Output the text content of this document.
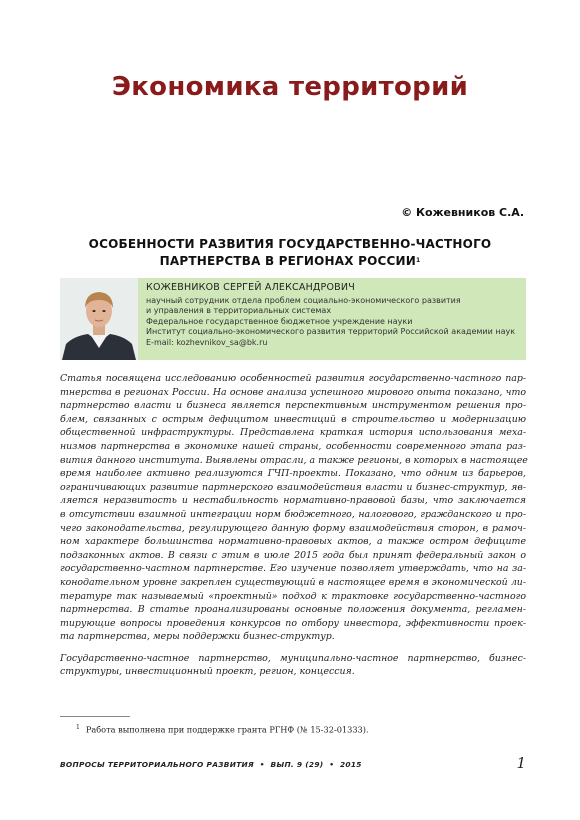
Экономика территорий
© Кожевников С.А.
ОСОБЕННОСТИ РАЗВИТИЯ ГОСУДАРСТВЕННО-ЧАСТНОГО
ПАРТНЕРСТВА В РЕГИОНАХ РОССИИ$^1$
КОЖЕВНИКОВ СЕРГЕЙ АЛЕКСАНДРОВИЧ
научный сотрудник отдела проблем социально-экономического развития
и управления в территориальных системах
Федеральное государственное бюджетное учреждение науки
Институт социально-экономического развития территорий Российской академии наук
E-mail: kozhevnikov_sa@bk.ru
Статья посвящена исследованию особенностей развития государственно-частного пар-
тнерства в регионах России. На основе анализа успешного мирового опыта показано, что
партнерство власти и бизнеса является перспективным инструментом решения про-
блем, связанных с острым дефицитом инвестиций в строительство и модернизацию
общественной инфраструктуры. Представлена краткая история использования меха-
низмов партнерства в экономике нашей страны, особенности современного этапа раз-
вития данного института. Выявлены отрасли, а также регионы, в которых в настоящее
время наиболее активно реализуются ГЧП-проекты. Показано, что одним из барьеров,
ограничивающих развитие партнерского взаимодействия власти и бизнес-структур, яв-
ляется неразвитость и нестабильность нормативно-правовой базы, что заключается
в отсутствии взаимной интеграции норм бюджетного, налогового, гражданского и про-
чего законодательства, регулирующего данную форму взаимодействия сторон, в рамоч-
ном характере большинства нормативно-правовых актов, а также остром дефиците
подзаконных актов. В связи с этим в июле 2015 года был принят федеральный закон о
государственно-частном партнерстве. Его изучение позволяет утверждать, что на за-
конодательном уровне закреплен существующий в настоящее время в экономической ли-
тературе так называемый «проектный» подход к трактовке государственно-частного
партнерства. В статье проанализированы основные положения документа, регламен-
тирующие вопросы проведения конкурсов по отбору инвестора, эффективности проек-
та партнерства, меры поддержки бизнес-структур.
Государственно-частное партнерство, муниципально-частное партнерство, бизнес-
структуры, инвестиционный проект, регион, концессия.
$^1$ Работа выполнена при поддержке гранта РГНФ (№ 15-32-01333).
ВОПРОСЫ ТЕРРИТОРИАЛЬНОГО РАЗВИТИЯ  •  ВЫП. 9 (29)  •  2015	1
